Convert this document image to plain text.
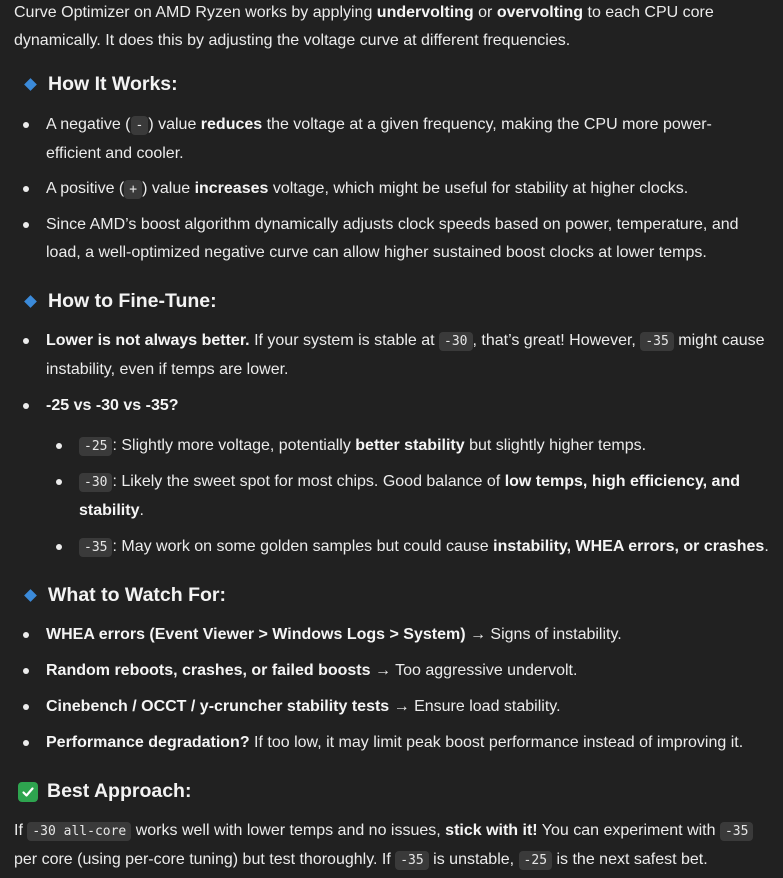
Curve Optimizer on AMD Ryzen works by applying undervolting or overvolting to each CPU core dynamically. It does this by adjusting the voltage curve at different frequencies.

How It Works:

A negative ( - ) value reduces the voltage at a given frequency, making the CPU more power-efficient and cooler.

A positive ( + ) value increases voltage, which might be useful for stability at higher clocks.

Since AMD’s boost algorithm dynamically adjusts clock speeds based on power, temperature, and load, a well-optimized negative curve can allow higher sustained boost clocks at lower temps.

How to Fine-Tune:

Lower is not always better. If your system is stable at -30 , that’s great! However, -35 might cause instability, even if temps are lower.

-25 vs -30 vs -35?

-25 : Slightly more voltage, potentially better stability but slightly higher temps.

-30 : Likely the sweet spot for most chips. Good balance of low temps, high efficiency, and stability.

-35 : May work on some golden samples but could cause instability, WHEA errors, or crashes.

What to Watch For:

WHEA errors (Event Viewer > Windows Logs > System) → Signs of instability.

Random reboots, crashes, or failed boosts → Too aggressive undervolt.

Cinebench / OCCT / y-cruncher stability tests → Ensure load stability.

Performance degradation? If too low, it may limit peak boost performance instead of improving it.

Best Approach:

If -30 all-core works well with lower temps and no issues, stick with it! You can experiment with -35 per core (using per-core tuning) but test thoroughly. If -35 is unstable, -25 is the next safest bet.
